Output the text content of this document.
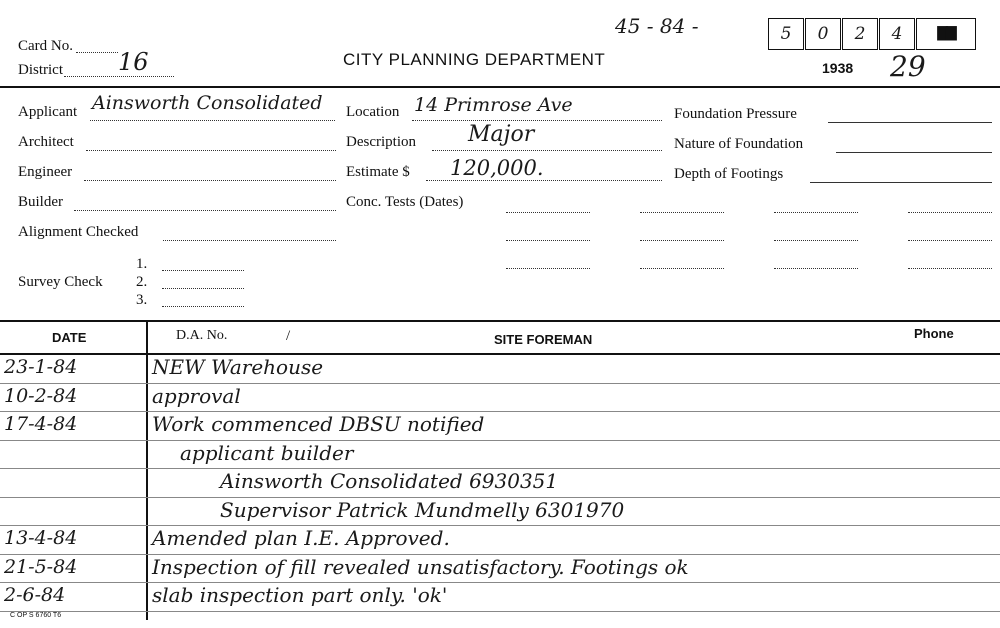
Card No.
District 16	CITY PLANNING DEPARTMENT
45 - 84 -	5	0	2	4	▇▇
1938 29
Applicant Ainsworth Consolidated
Architect
Engineer
Builder
Alignment Checked
Survey Check
1.
2.
3.
Location 14 Primrose Ave
Description Major
Estimate $ 120,000.
Conc. Tests (Dates)
Foundation Pressure
Nature of Foundation
Depth of Footings
DATE	D.A. No.	/	SITE FOREMAN	Phone
23-1-84	NEW Warehouse
10-2-84	approval
17-4-84	Work commenced DBSU notified
applicant builder
Ainsworth Consolidated 6930351
Supervisor Patrick Mundmelly 6301970
13-4-84	Amended plan I.E. Approved.
21-5-84	Inspection of fill revealed unsatisfactory. Footings ok
2-6-84	slab inspection part only. 'ok'
C OP S 6760 T6
